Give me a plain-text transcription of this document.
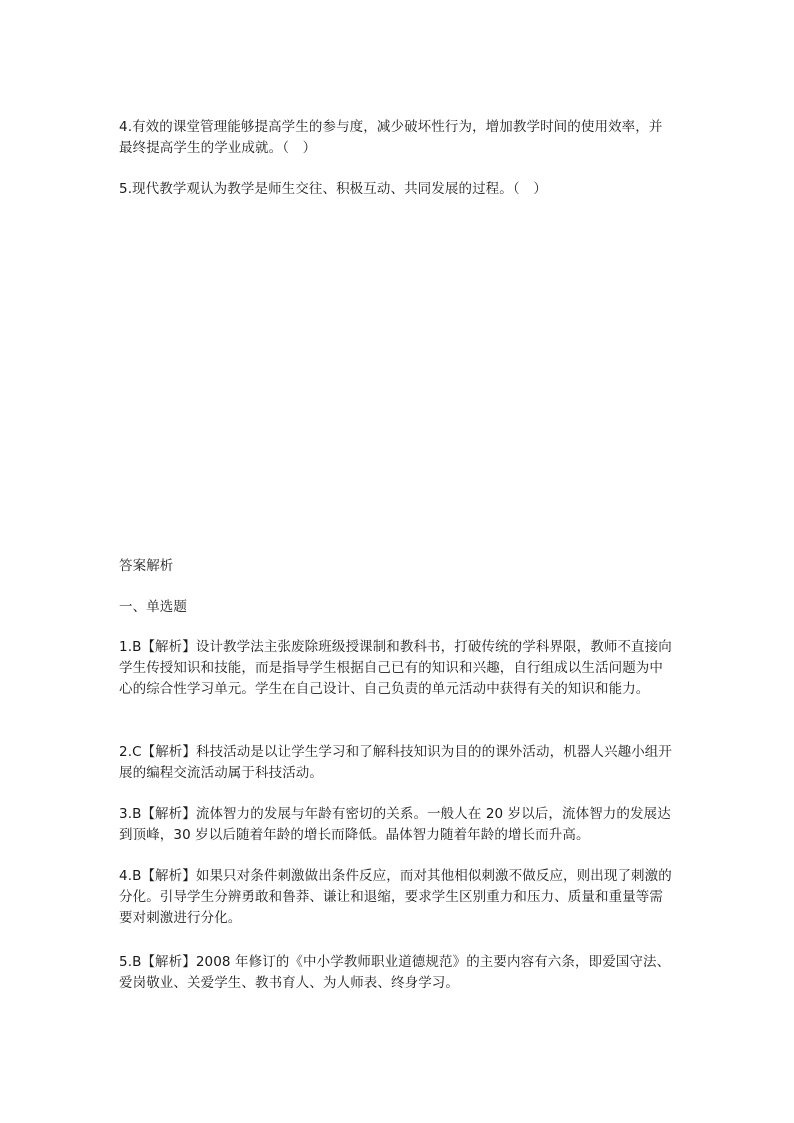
4.有效的课堂管理能够提高学生的参与度，减少破坏性行为，增加教学时间的使用效率，并最终提高学生的学业成就。（　）

5.现代教学观认为教学是师生交往、积极互动、共同发展的过程。（　）

答案解析

一、单选题

1.B【解析】设计教学法主张废除班级授课制和教科书，打破传统的学科界限，教师不直接向学生传授知识和技能，而是指导学生根据自己已有的知识和兴趣，自行组成以生活问题为中心的综合性学习单元。学生在自己设计、自己负责的单元活动中获得有关的知识和能力。

2.C【解析】科技活动是以让学生学习和了解科技知识为目的的课外活动，机器人兴趣小组开展的编程交流活动属于科技活动。

3.B【解析】流体智力的发展与年龄有密切的关系。一般人在 20 岁以后，流体智力的发展达到顶峰，30 岁以后随着年龄的增长而降低。晶体智力随着年龄的增长而升高。

4.B【解析】如果只对条件刺激做出条件反应，而对其他相似刺激不做反应，则出现了刺激的分化。引导学生分辨勇敢和鲁莽、谦让和退缩，要求学生区别重力和压力、质量和重量等需要对刺激进行分化。

5.B【解析】2008 年修订的《中小学教师职业道德规范》的主要内容有六条，即爱国守法、爱岗敬业、关爱学生、教书育人、为人师表、终身学习。
